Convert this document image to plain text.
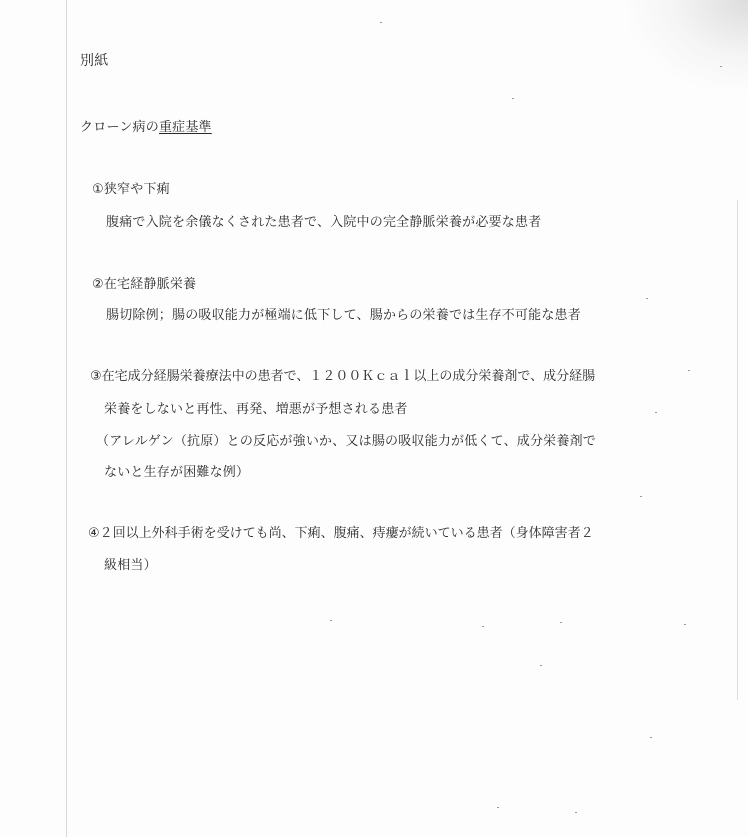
別紙
クローン病の重症基準
①狭窄や下痢
腹痛で入院を余儀なくされた患者で、入院中の完全静脈栄養が必要な患者
②在宅経静脈栄養
腸切除例；腸の吸収能力が極端に低下して、腸からの栄養では生存不可能な患者
③在宅成分経腸栄養療法中の患者で、１２００Ｋｃａｌ以上の成分栄養剤で、成分経腸
栄養をしないと再性、再発、増悪が予想される患者
（アレルゲン（抗原）との反応が強いか、又は腸の吸収能力が低くて、成分栄養剤で
ないと生存が困難な例）
④２回以上外科手術を受けても尚、下痢、腹痛、痔瘻が続いている患者（身体障害者２
級相当）
